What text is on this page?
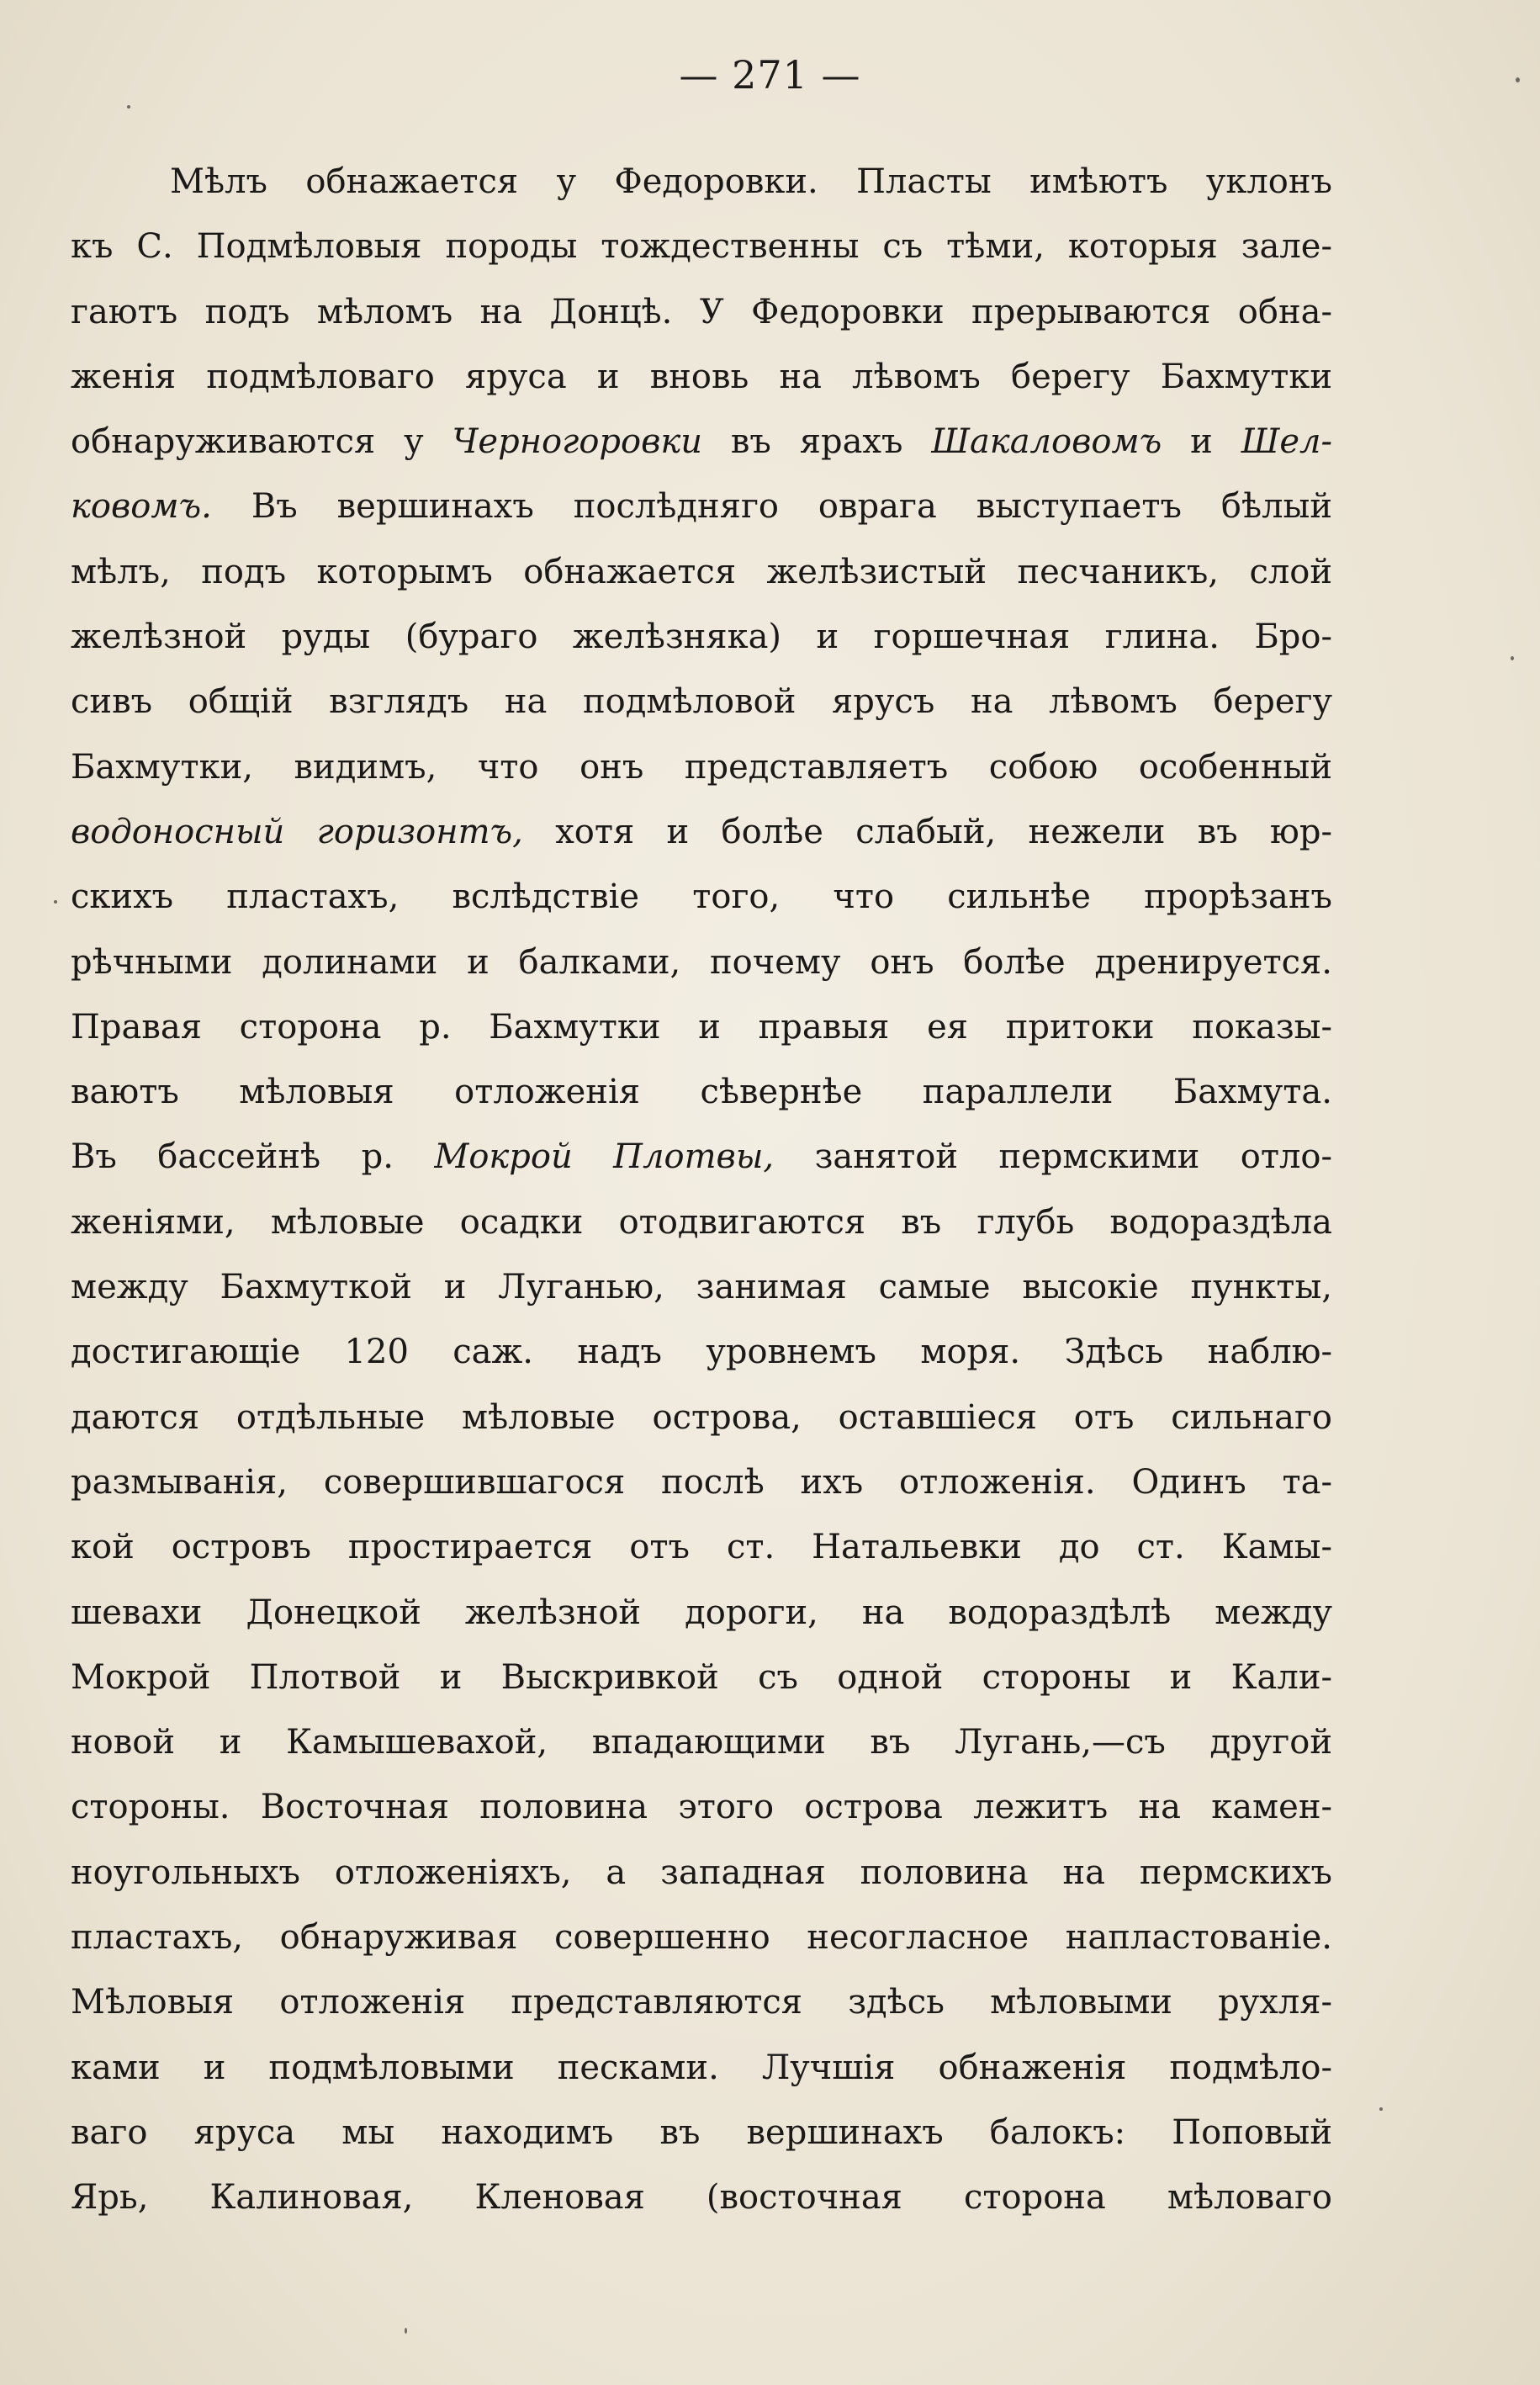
— 271 —
Мѣлъ обнажается у Федоровки. Пласты имѣютъ уклонъ
къ С. Подмѣловыя породы тождественны съ тѣми, которыя зале-
гаютъ подъ мѣломъ на Донцѣ. У Федоровки прерываются обна-
женія подмѣловаго яруса и вновь на лѣвомъ берегу Бахмутки
обнаруживаются у Черногоровки въ ярахъ Шакаловомъ и Шел-
ковомъ. Въ вершинахъ послѣдняго оврага выступаетъ бѣлый
мѣлъ, подъ которымъ обнажается желѣзистый песчаникъ, слой
желѣзной руды (бураго желѣзняка) и горшечная глина. Бро-
сивъ общій взглядъ на подмѣловой ярусъ на лѣвомъ берегу
Бахмутки, видимъ, что онъ представляетъ собою особенный
водоносный горизонтъ, хотя и болѣе слабый, нежели въ юр-
скихъ пластахъ, вслѣдствіе того, что сильнѣе прорѣзанъ
рѣчными долинами и балками, почему онъ болѣе дренируется.
Правая сторона р. Бахмутки и правыя ея притоки показы-
ваютъ мѣловыя отложенія сѣвернѣе параллели Бахмута.
Въ бассейнѣ р. Мокрой Плотвы, занятой пермскими отло-
женіями, мѣловые осадки отодвигаются въ глубь водораздѣла
между Бахмуткой и Луганью, занимая самые высокіе пункты,
достигающіе 120 саж. надъ уровнемъ моря. Здѣсь наблю-
даются отдѣльные мѣловые острова, оставшіеся отъ сильнаго
размыванія, совершившагося послѣ ихъ отложенія. Одинъ та-
кой островъ простирается отъ ст. Натальевки до ст. Камы-
шевахи Донецкой желѣзной дороги, на водораздѣлѣ между
Мокрой Плотвой и Выскривкой съ одной стороны и Кали-
новой и Камышевахой, впадающими въ Лугань,—съ другой
стороны. Восточная половина этого острова лежитъ на камен-
ноугольныхъ отложеніяхъ, а западная половина на пермскихъ
пластахъ, обнаруживая совершенно несогласное напластованіе.
Мѣловыя отложенія представляются здѣсь мѣловыми рухля-
ками и подмѣловыми песками. Лучшія обнаженія подмѣло-
ваго яруса мы находимъ въ вершинахъ балокъ: Поповый
Ярь, Калиновая, Кленовая (восточная сторона мѣловаго
